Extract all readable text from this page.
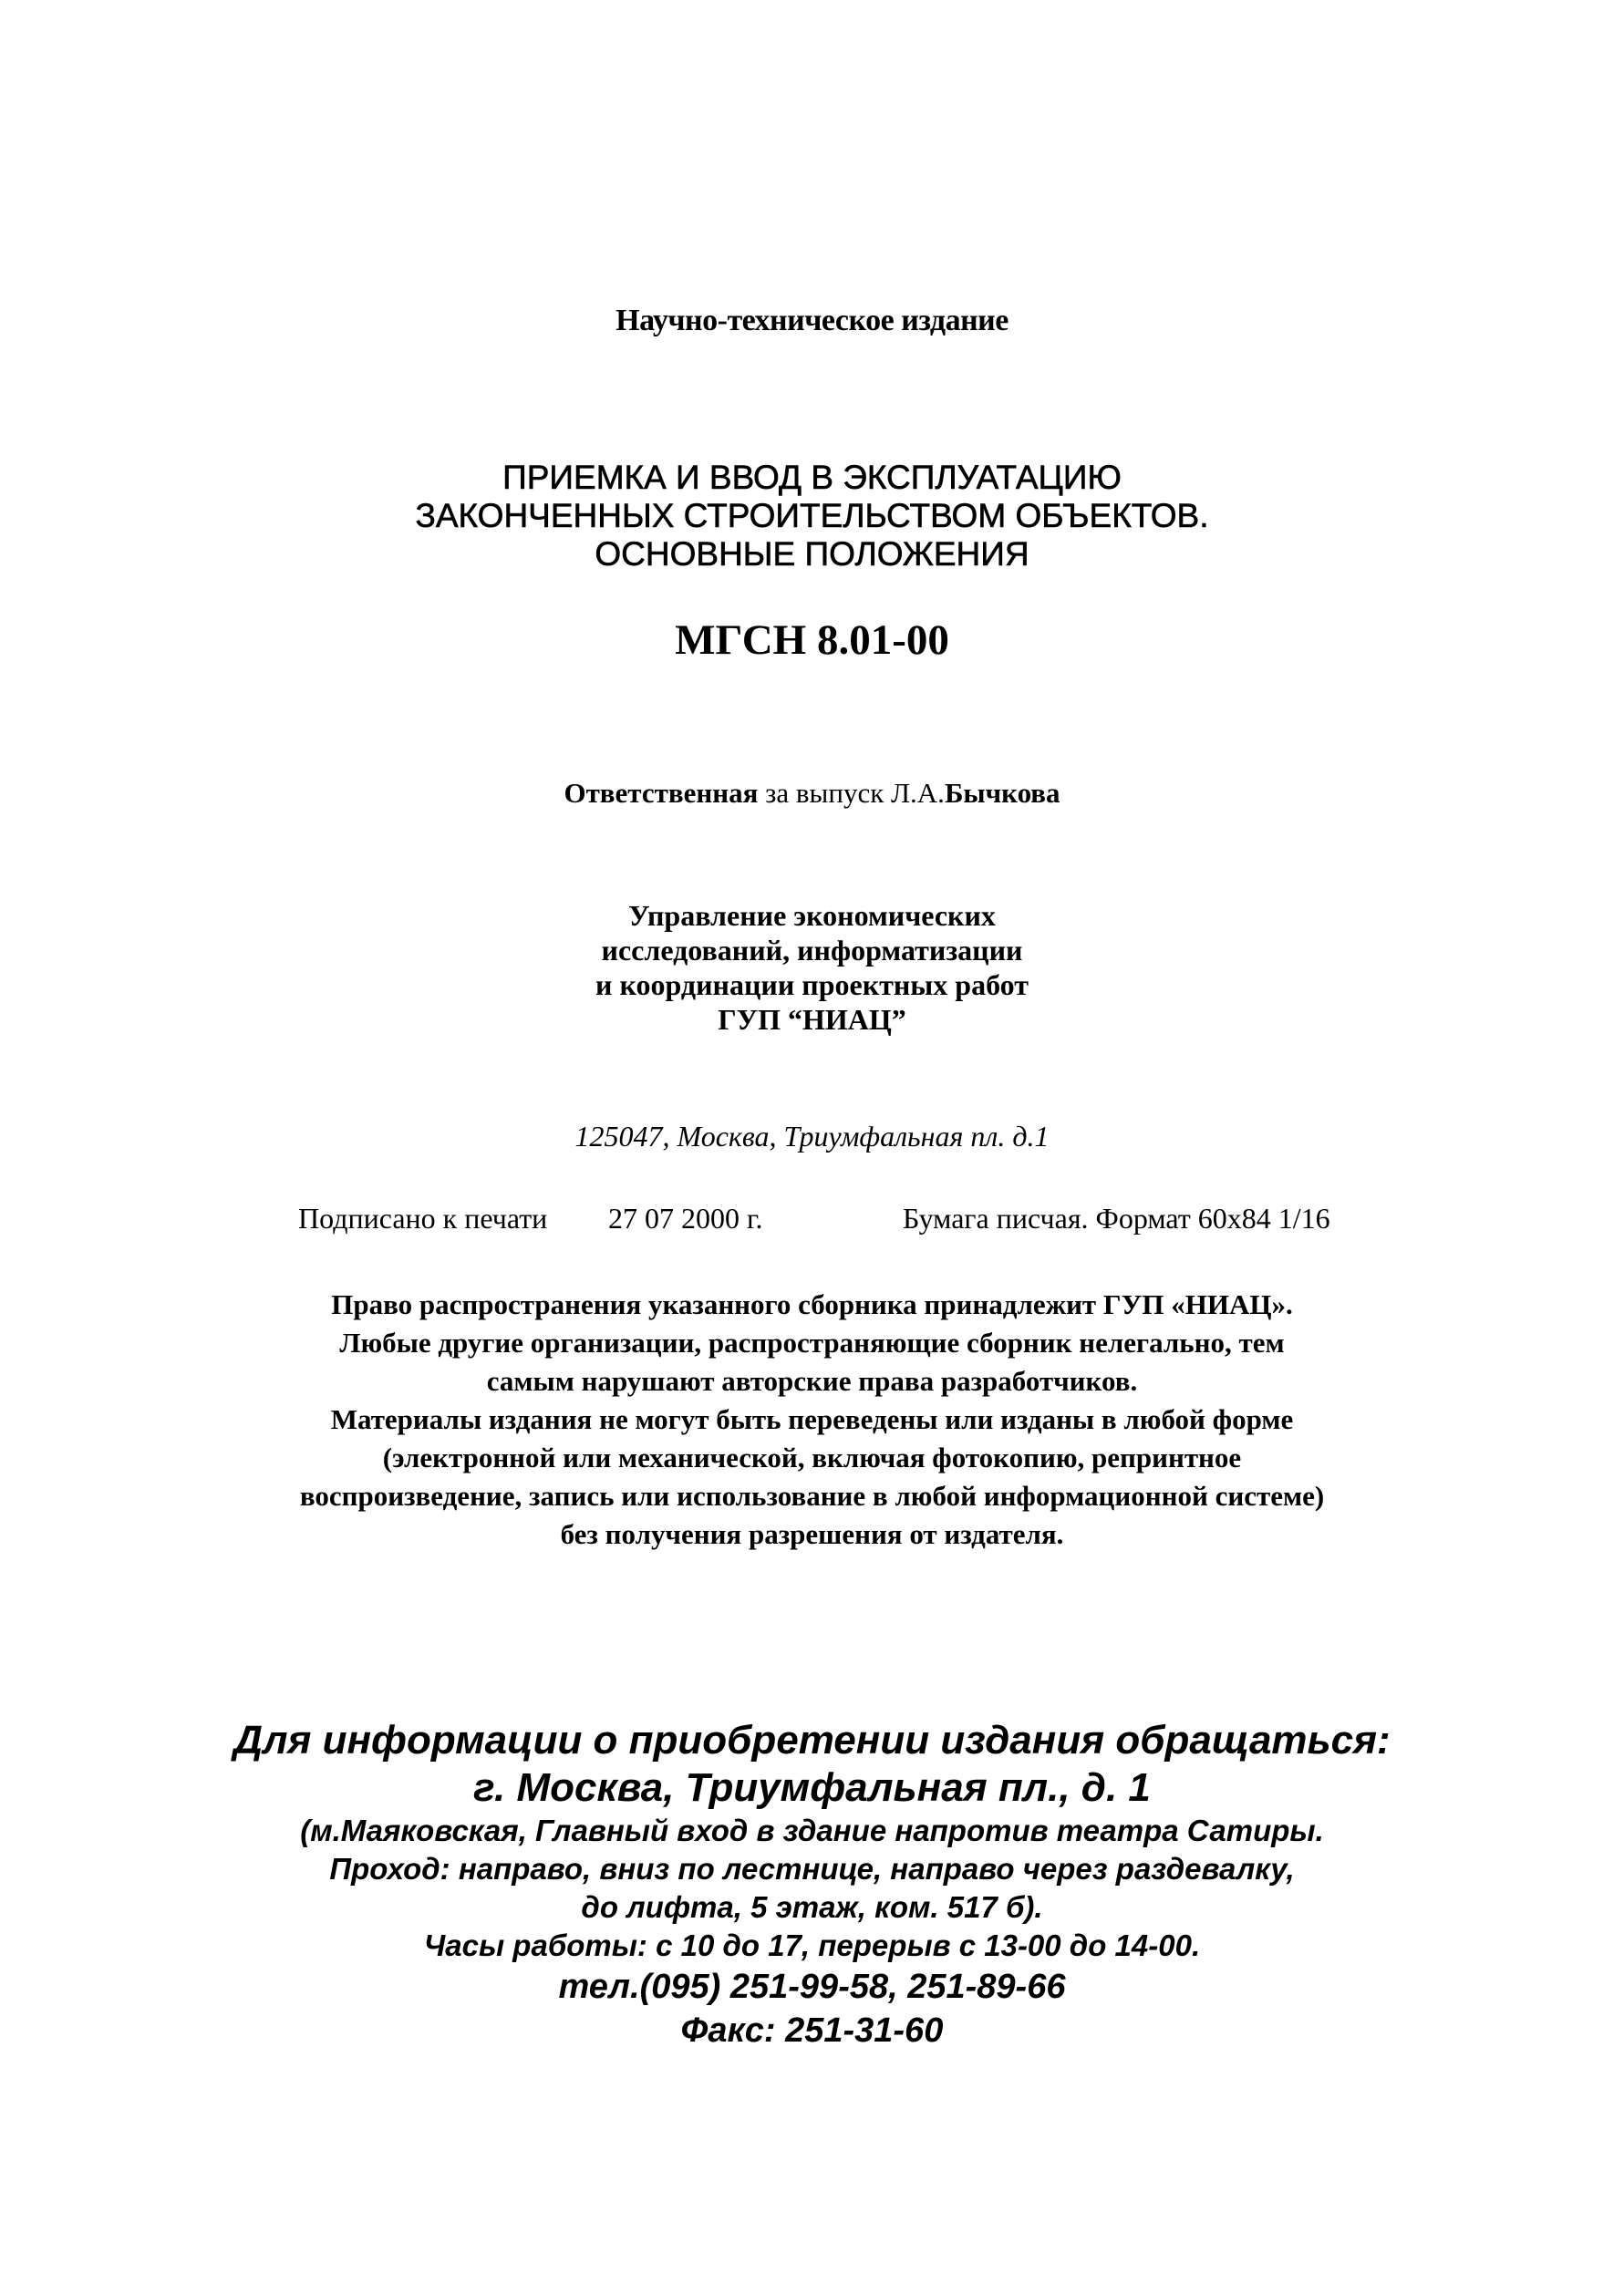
Научно-техническое издание
ПРИЕМКА И ВВОД В ЭКСПЛУАТАЦИЮ
ЗАКОНЧЕННЫХ СТРОИТЕЛЬСТВОМ ОБЪЕКТОВ.
ОСНОВНЫЕ ПОЛОЖЕНИЯ
МГСН 8.01-00
Ответственная за выпуск Л.А.Бычкова
Управление экономических
исследований, информатизации
и координации проектных работ
ГУП “НИАЦ”
125047, Москва, Триумфальная пл. д.1
Подписано к печати 27 07 2000 г.	Бумага писчая. Формат 60x84 1/16
Право распространения указанного сборника принадлежит ГУП «НИАЦ».
Любые другие организации, распространяющие сборник нелегально, тем
самым нарушают авторские права разработчиков.
Материалы издания не могут быть переведены или изданы в любой форме
(электронной или механической, включая фотокопию, репринтное
воспроизведение, запись или использование в любой информационной системе)
без получения разрешения от издателя.
Для информации о приобретении издания обращаться:
г. Москва, Триумфальная пл., д. 1
(м.Маяковская, Главный вход в здание напротив театра Сатиры.
Проход: направо, вниз по лестнице, направо через раздевалку,
до лифта, 5 этаж, ком. 517 б).
Часы работы: с 10 до 17, перерыв с 13-00 до 14-00.
тел.(095) 251-99-58, 251-89-66
Факс: 251-31-60
